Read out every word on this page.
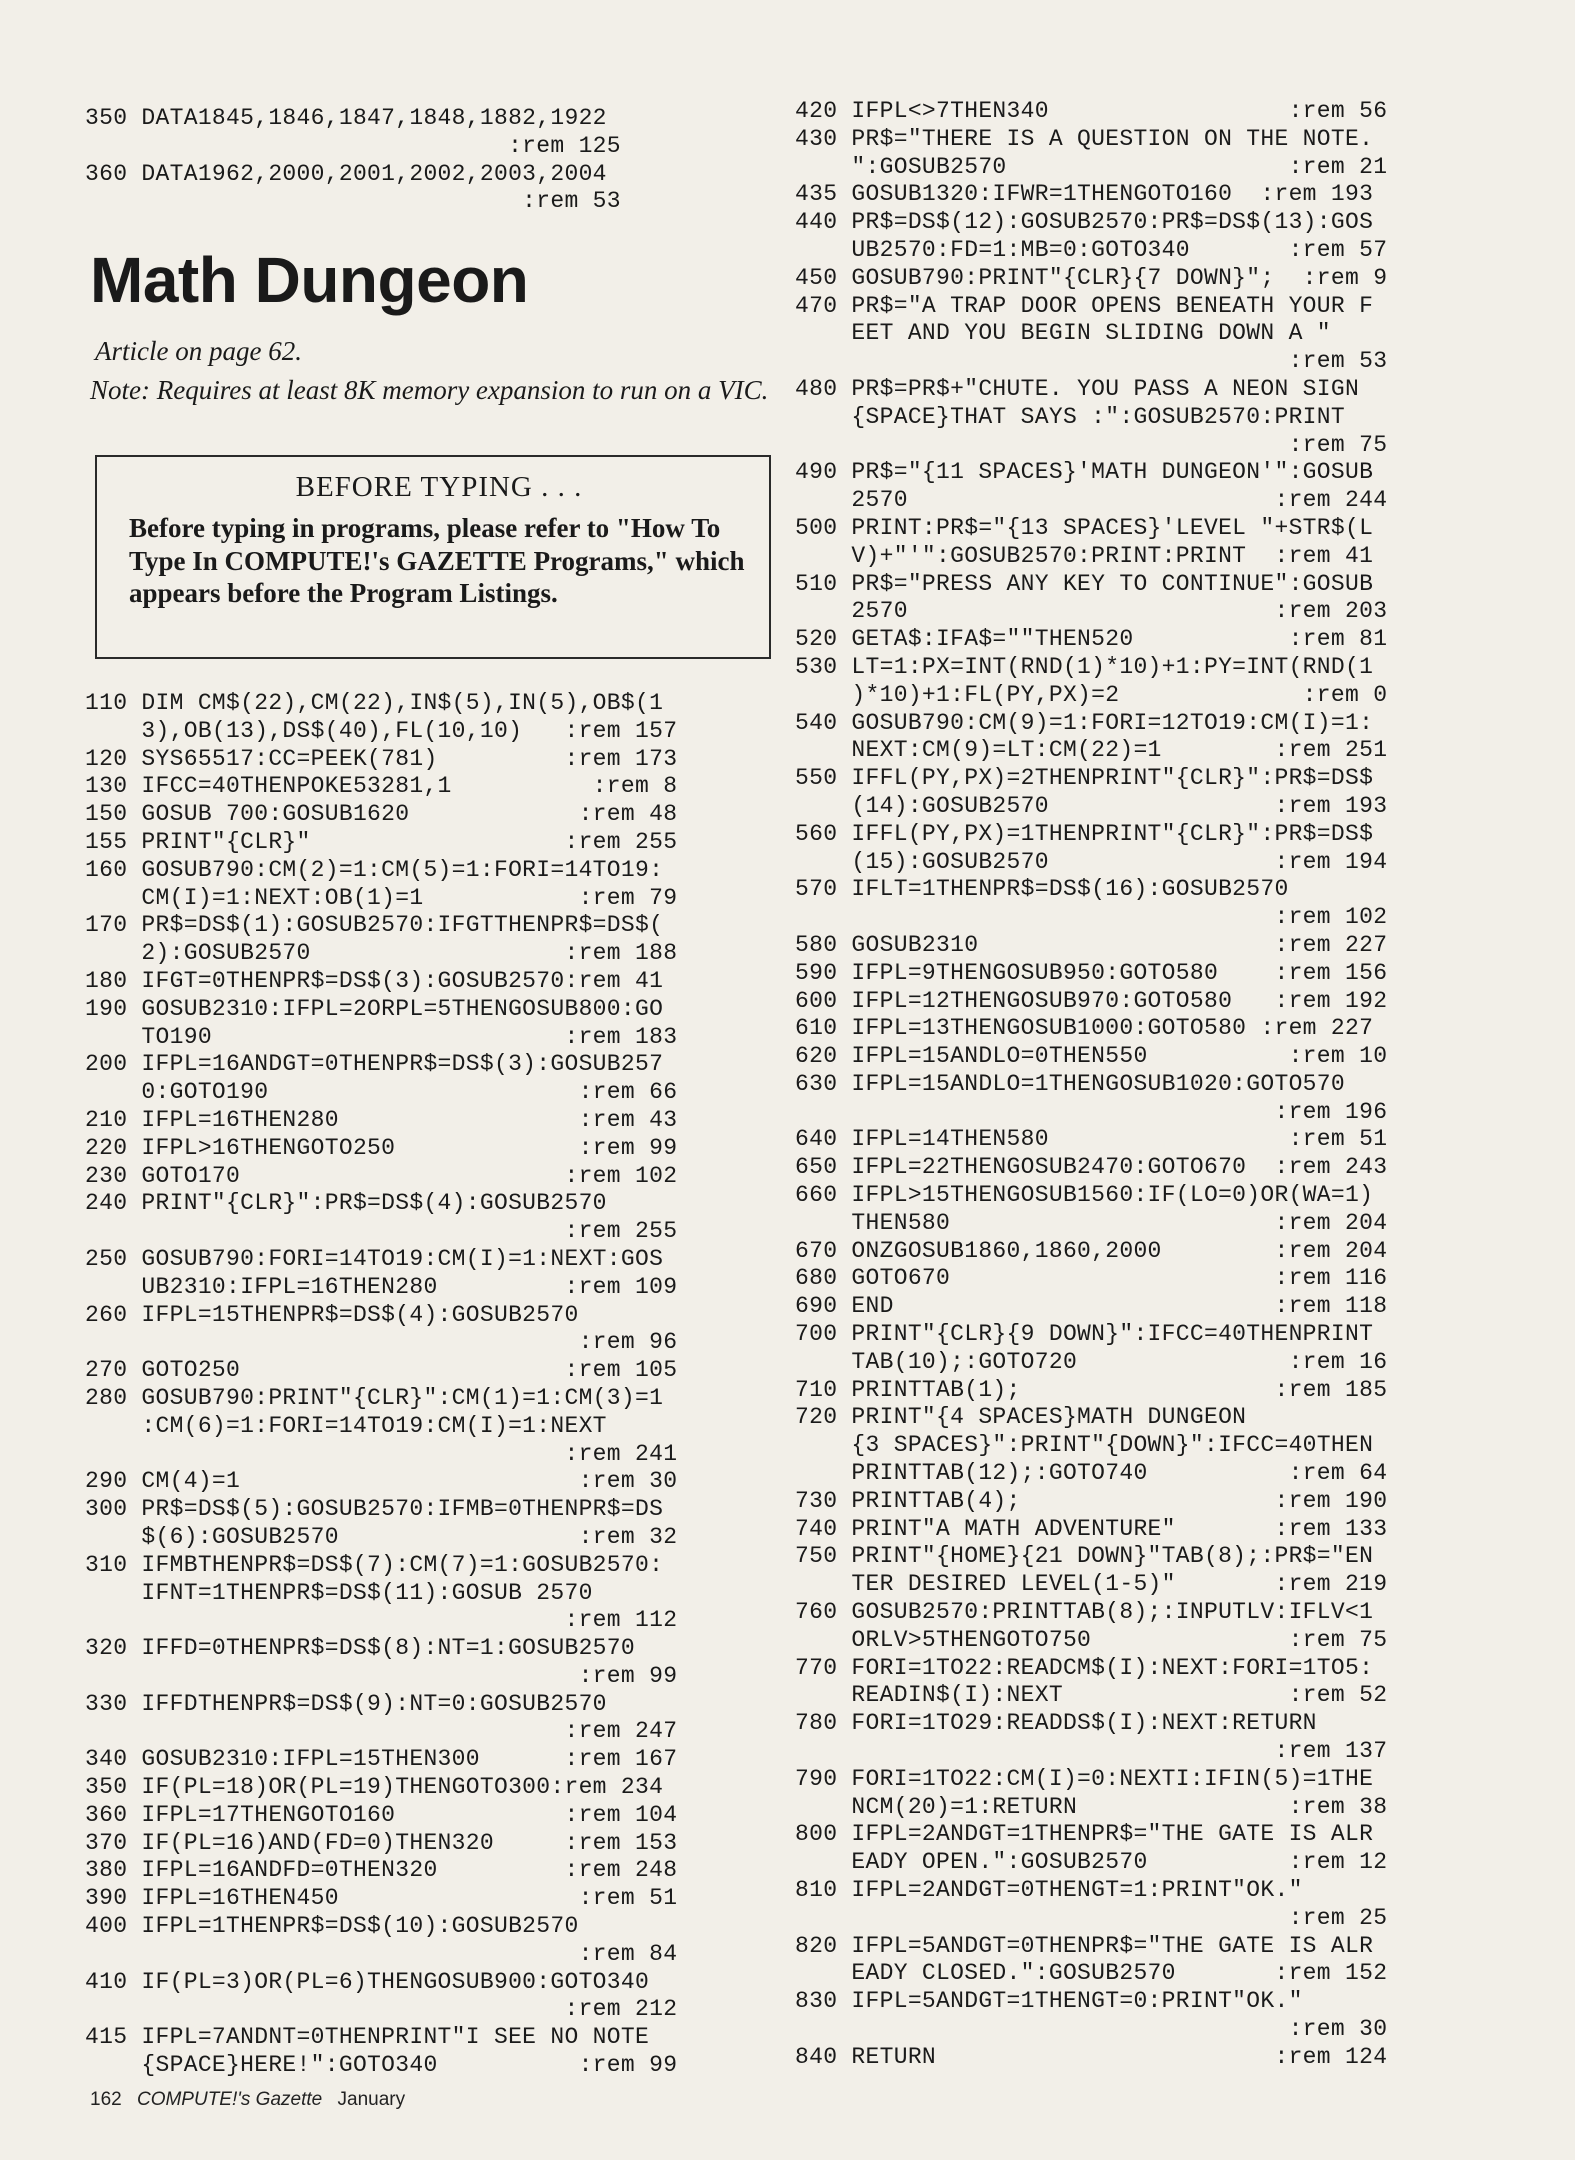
350 DATA1845,1846,1847,1848,1882,1922
:rem 125
360 DATA1962,2000,2001,2002,2003,2004
:rem 53
Math Dungeon
Article on page 62.
Note: Requires at least 8K memory expansion to run on a VIC.

BEFORE TYPING . . .

Before typing in programs, please refer to "How To Type In COMPUTE!'s GAZETTE Programs," which appears before the Program Listings.

110 DIM CM$(22),CM(22),IN$(5),IN(5),OB$(1
3),OB(13),DS$(40),FL(10,10)   :rem 157
120 SYS65517:CC=PEEK(781)         :rem 173
130 IFCC=40THENPOKE53281,1          :rem 8
150 GOSUB 700:GOSUB1620            :rem 48
155 PRINT"{CLR}"                  :rem 255
160 GOSUB790:CM(2)=1:CM(5)=1:FORI=14TO19:
CM(I)=1:NEXT:OB(1)=1           :rem 79
170 PR$=DS$(1):GOSUB2570:IFGTTHENPR$=DS$(
2):GOSUB2570                  :rem 188
180 IFGT=0THENPR$=DS$(3):GOSUB2570:rem 41
190 GOSUB2310:IFPL=2ORPL=5THENGOSUB800:GO
TO190                         :rem 183
200 IFPL=16ANDGT=0THENPR$=DS$(3):GOSUB257
0:GOTO190                      :rem 66
210 IFPL=16THEN280                 :rem 43
220 IFPL>16THENGOTO250             :rem 99
230 GOTO170                       :rem 102
240 PRINT"{CLR}":PR$=DS$(4):GOSUB2570
:rem 255
250 GOSUB790:FORI=14TO19:CM(I)=1:NEXT:GOS
UB2310:IFPL=16THEN280         :rem 109
260 IFPL=15THENPR$=DS$(4):GOSUB2570
:rem 96
270 GOTO250                       :rem 105
280 GOSUB790:PRINT"{CLR}":CM(1)=1:CM(3)=1
:CM(6)=1:FORI=14TO19:CM(I)=1:NEXT
:rem 241
290 CM(4)=1                        :rem 30
300 PR$=DS$(5):GOSUB2570:IFMB=0THENPR$=DS
$(6):GOSUB2570                 :rem 32
310 IFMBTHENPR$=DS$(7):CM(7)=1:GOSUB2570:
IFNT=1THENPR$=DS$(11):GOSUB 2570
:rem 112
320 IFFD=0THENPR$=DS$(8):NT=1:GOSUB2570
:rem 99
330 IFFDTHENPR$=DS$(9):NT=0:GOSUB2570
:rem 247
340 GOSUB2310:IFPL=15THEN300      :rem 167
350 IF(PL=18)OR(PL=19)THENGOTO300:rem 234
360 IFPL=17THENGOTO160            :rem 104
370 IF(PL=16)AND(FD=0)THEN320     :rem 153
380 IFPL=16ANDFD=0THEN320         :rem 248
390 IFPL=16THEN450                 :rem 51
400 IFPL=1THENPR$=DS$(10):GOSUB2570
:rem 84
410 IF(PL=3)OR(PL=6)THENGOSUB900:GOTO340
:rem 212
415 IFPL=7ANDNT=0THENPRINT"I SEE NO NOTE
{SPACE}HERE!":GOTO340          :rem 99
420 IFPL<>7THEN340                 :rem 56
430 PR$="THERE IS A QUESTION ON THE NOTE.
":GOSUB2570                    :rem 21
435 GOSUB1320:IFWR=1THENGOTO160  :rem 193
440 PR$=DS$(12):GOSUB2570:PR$=DS$(13):GOS
UB2570:FD=1:MB=0:GOTO340       :rem 57
450 GOSUB790:PRINT"{CLR}{7 DOWN}";  :rem 9
470 PR$="A TRAP DOOR OPENS BENEATH YOUR F
EET AND YOU BEGIN SLIDING DOWN A "
:rem 53
480 PR$=PR$+"CHUTE. YOU PASS A NEON SIGN
{SPACE}THAT SAYS :":GOSUB2570:PRINT
:rem 75
490 PR$="{11 SPACES}'MATH DUNGEON'":GOSUB
2570                          :rem 244
500 PRINT:PR$="{13 SPACES}'LEVEL "+STR$(L
V)+"'":GOSUB2570:PRINT:PRINT  :rem 41
510 PR$="PRESS ANY KEY TO CONTINUE":GOSUB
2570                          :rem 203
520 GETA$:IFA$=""THEN520           :rem 81
530 LT=1:PX=INT(RND(1)*10)+1:PY=INT(RND(1
)*10)+1:FL(PY,PX)=2             :rem 0
540 GOSUB790:CM(9)=1:FORI=12TO19:CM(I)=1:
NEXT:CM(9)=LT:CM(22)=1        :rem 251
550 IFFL(PY,PX)=2THENPRINT"{CLR}":PR$=DS$
(14):GOSUB2570                :rem 193
560 IFFL(PY,PX)=1THENPRINT"{CLR}":PR$=DS$
(15):GOSUB2570                :rem 194
570 IFLT=1THENPR$=DS$(16):GOSUB2570
:rem 102
580 GOSUB2310                     :rem 227
590 IFPL=9THENGOSUB950:GOTO580    :rem 156
600 IFPL=12THENGOSUB970:GOTO580   :rem 192
610 IFPL=13THENGOSUB1000:GOTO580 :rem 227
620 IFPL=15ANDLO=0THEN550          :rem 10
630 IFPL=15ANDLO=1THENGOSUB1020:GOTO570
:rem 196
640 IFPL=14THEN580                 :rem 51
650 IFPL=22THENGOSUB2470:GOTO670  :rem 243
660 IFPL>15THENGOSUB1560:IF(LO=0)OR(WA=1)
THEN580                       :rem 204
670 ONZGOSUB1860,1860,2000        :rem 204
680 GOTO670                       :rem 116
690 END                           :rem 118
700 PRINT"{CLR}{9 DOWN}":IFCC=40THENPRINT
TAB(10);:GOTO720               :rem 16
710 PRINTTAB(1);                  :rem 185
720 PRINT"{4 SPACES}MATH DUNGEON
{3 SPACES}":PRINT"{DOWN}":IFCC=40THEN
PRINTTAB(12);:GOTO740          :rem 64
730 PRINTTAB(4);                  :rem 190
740 PRINT"A MATH ADVENTURE"       :rem 133
750 PRINT"{HOME}{21 DOWN}"TAB(8);:PR$="EN
TER DESIRED LEVEL(1-5)"       :rem 219
760 GOSUB2570:PRINTTAB(8);:INPUTLV:IFLV<1
ORLV>5THENGOTO750              :rem 75
770 FORI=1TO22:READCM$(I):NEXT:FORI=1TO5:
READIN$(I):NEXT                :rem 52
780 FORI=1TO29:READDS$(I):NEXT:RETURN
:rem 137
790 FORI=1TO22:CM(I)=0:NEXTI:IFIN(5)=1THE
NCM(20)=1:RETURN               :rem 38
800 IFPL=2ANDGT=1THENPR$="THE GATE IS ALR
EADY OPEN.":GOSUB2570          :rem 12
810 IFPL=2ANDGT=0THENGT=1:PRINT"OK."
:rem 25
820 IFPL=5ANDGT=0THENPR$="THE GATE IS ALR
EADY CLOSED.":GOSUB2570       :rem 152
830 IFPL=5ANDGT=1THENGT=0:PRINT"OK."
:rem 30
840 RETURN                        :rem 124
162 COMPUTE!'s Gazette January
